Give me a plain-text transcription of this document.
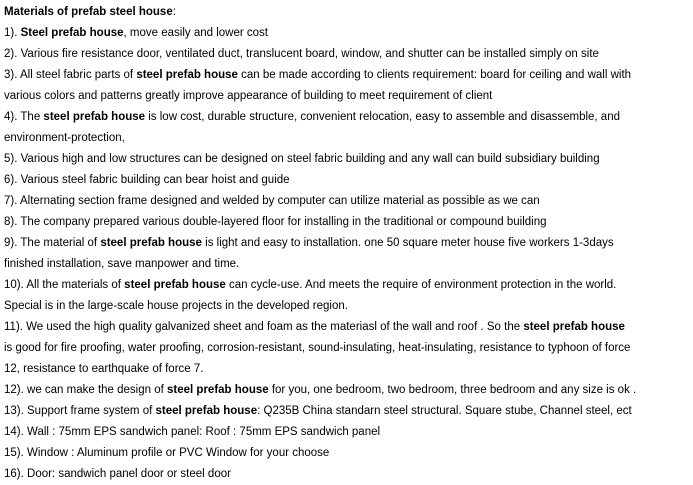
Materials of prefab steel house:
1). Steel prefab house, move easily and lower cost
2). Various fire resistance door, ventilated duct, translucent board, window, and shutter can be installed simply on site
3). All steel fabric parts of steel prefab house can be made according to clients requirement: board for ceiling and wall with
various colors and patterns greatly improve appearance of building to meet requirement of client
4). The steel prefab house is low cost, durable structure, convenient relocation, easy to assemble and disassemble, and
environment-protection,
5). Various high and low structures can be designed on steel fabric building and any wall can build subsidiary building
6). Various steel fabric building can bear hoist and guide
7). Alternating section frame designed and welded by computer can utilize material as possible as we can
8). The company prepared various double-layered floor for installing in the traditional or compound building
9). The material of steel prefab house is light and easy to installation. one 50 square meter house five workers 1-3days
finished installation, save manpower and time.
10). All the materials of steel prefab house can cycle-use. And meets the require of environment protection in the world.
Special is in the large-scale house projects in the developed region.
11). We used the high quality galvanized sheet and foam as the materiasl of the wall and roof . So the steel prefab house
is good for fire proofing, water proofing, corrosion-resistant, sound-insulating, heat-insulating, resistance to typhoon of force
12, resistance to earthquake of force 7.
12). we can make the design of steel prefab house for you, one bedroom, two bedroom, three bedroom and any size is ok .
13). Support frame system of steel prefab house: Q235B China standarn steel structural. Square stube, Channel steel, ect
14). Wall : 75mm EPS sandwich panel: Roof : 75mm EPS sandwich panel
15). Window : Aluminum profile or PVC Window for your choose
16). Door: sandwich panel door or steel door
